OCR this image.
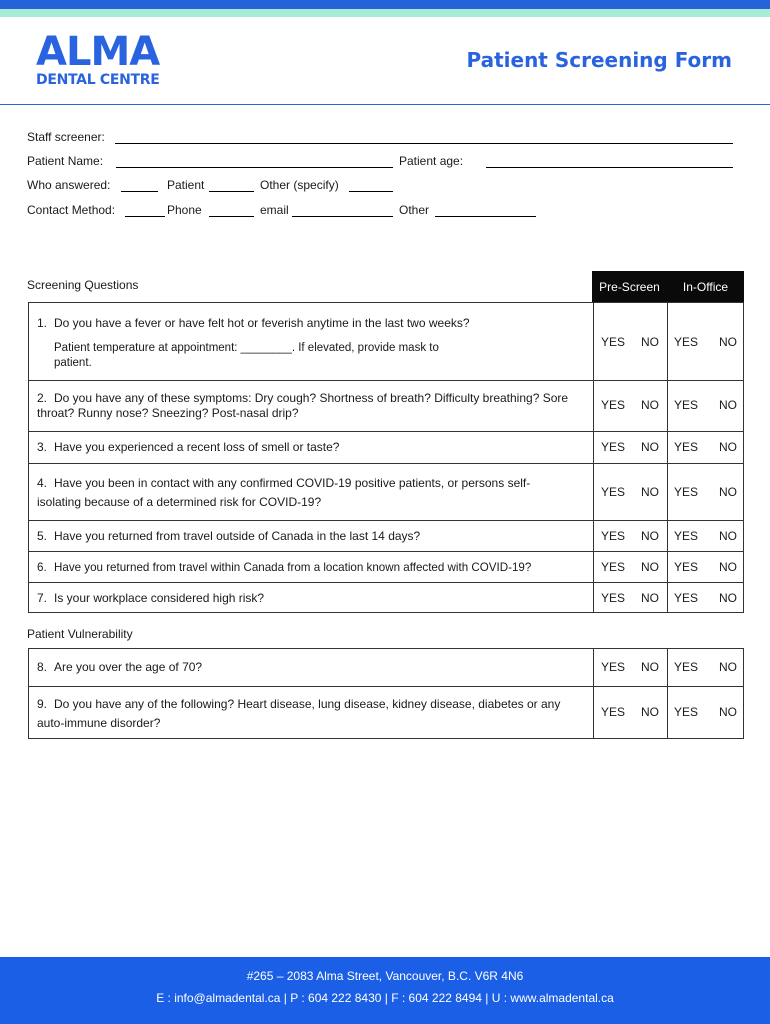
ALMA
DENTAL CENTRE
Patient Screening Form
Staff screener:
Patient Name:	Patient age:
Who answered:	Patient	Other (specify)
Contact Method:	Phone	email	Other
Screening Questions	Pre-Screen	In-Office
1. Do you have a fever or have felt hot or feverish anytime in the last two weeks?
Patient temperature at appointment: ________. If elevated, provide mask to patient.
YES NO YES NO
2. Do you have any of these symptoms: Dry cough? Shortness of breath? Difficulty breathing? Sore throat? Runny nose? Sneezing? Post-nasal drip?
YES NO YES NO
3. Have you experienced a recent loss of smell or taste?	YES NO YES NO
4. Have you been in contact with any confirmed COVID-19 positive patients, or persons self-isolating because of a determined risk for COVID-19?
YES NO YES NO
5. Have you returned from travel outside of Canada in the last 14 days?	YES NO YES NO
6. Have you returned from travel within Canada from a location known affected with COVID-19?	YES NO YES NO
7. Is your workplace considered high risk?	YES NO YES NO
Patient Vulnerability
8. Are you over the age of 70?	YES NO YES NO
9. Do you have any of the following? Heart disease, lung disease, kidney disease, diabetes or any auto-immune disorder?
YES NO YES NO
#265 – 2083 Alma Street, Vancouver, B.C. V6R 4N6
E : info@almadental.ca | P : 604 222 8430 | F : 604 222 8494 | U : www.almadental.ca
